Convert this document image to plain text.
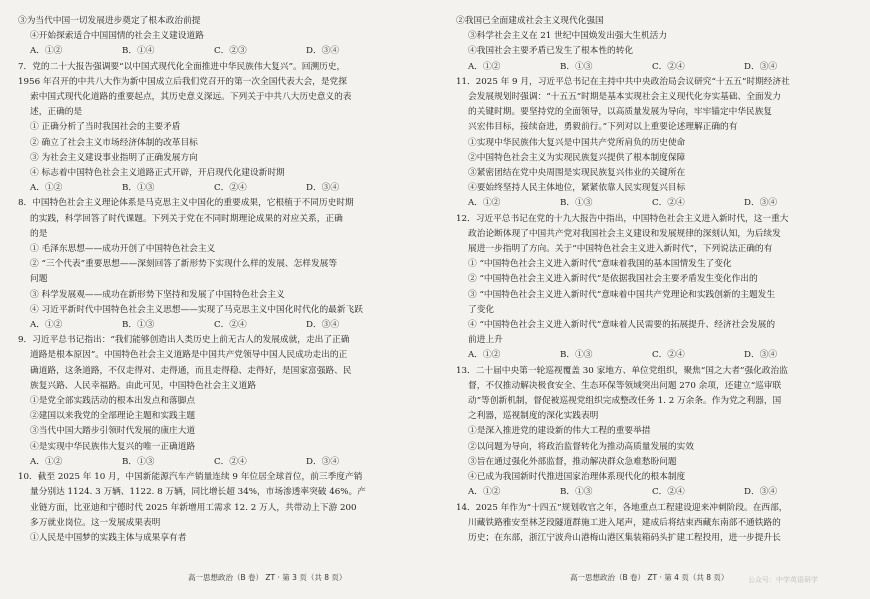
③为当代中国一切发展进步奠定了根本政治前提
④开始探索适合中国国情的社会主义建设道路
A．①②	B．①④	C．②③	D．③④
7．党的二十大报告强调要“以中国式现代化全面推进中华民族伟大复兴”。回溯历史，
1956 年召开的中共八大作为新中国成立后我们党召开的第一次全国代表大会，是党探
索中国式现代化道路的重要起点，其历史意义深远。下列关于中共八大历史意义的表
述，正确的是
① 正确分析了当时我国社会的主要矛盾
② 确立了社会主义市场经济体制的改革目标
③ 为社会主义建设事业指明了正确发展方向
④ 标志着中国特色社会主义道路正式开辟，开启现代化建设新时期
A．①②	B．①③	C．②④	D．③④
8．中国特色社会主义理论体系是马克思主义中国化的重要成果，它根植于不同历史时期
的实践，科学回答了时代课题。下列关于党在不同时期理论成果的对应关系，正确
的是
① 毛泽东思想——成功开创了中国特色社会主义
② “三个代表”重要思想——深刻回答了新形势下实现什么样的发展、怎样发展等
问题
③ 科学发展观——成功在新形势下坚持和发展了中国特色社会主义
④ 习近平新时代中国特色社会主义思想——实现了马克思主义中国化时代化的最新飞跃
A．①②	B．①③	C．②④	D．③④
9．习近平总书记指出：“我们能够创造出人类历史上前无古人的发展成就，走出了正确
道路是根本原因”。中国特色社会主义道路是中国共产党领导中国人民成功走出的正
确道路，这条道路，不仅走得对、走得通，而且走得稳、走得好，是国家富强路、民
族复兴路、人民幸福路。由此可见，中国特色社会主义道路
①是党全部实践活动的根本出发点和落脚点
②建国以来我党的全部理论主题和实践主题
③当代中国大踏步引领时代发展的康庄大道
④是实现中华民族伟大复兴的唯一正确道路
A．①②	B．①③	C．②④	D．③④
10．截至 2025 年 10 月，中国新能源汽车产销量连续 9 年位居全球首位，前三季度产销
量分别达 1124. 3 万辆、1122. 8 万辆，同比增长超 34%，市场渗透率突破 46%。产
业链方面，比亚迪和宁德时代 2025 年新增用工需求 12. 2 万人，共带动上下游 200
多万就业岗位。这一发展成果表明
①人民是中国梦的实践主体与成果享有者
②我国已全面建成社会主义现代化强国
③科学社会主义在 21 世纪中国焕发出强大生机活力
④我国社会主要矛盾已发生了根本性的转化
A．①②	B．①③	C．②④	D．③④
11．2025 年 9 月，习近平总书记在主持中共中央政治局会议研究“十五五”时期经济社
会发展规划时强调：“十五五”时期是基本实现社会主义现代化夯实基础、全面发力
的关键时期。要坚持党的全面领导，以高质量发展为导向，牢牢锚定中华民族复
兴宏伟目标，接续奋进，勇毅前行。”下列对以上重要论述理解正确的有
①实现中华民族伟大复兴是中国共产党所肩负的历史使命
②中国特色社会主义为实现民族复兴提供了根本制度保障
③紧密团结在党中央周围是实现民族复兴伟业的关键所在
④要始终坚持人民主体地位，紧紧依靠人民实现复兴目标
A．①②	B．①③	C．②④	D．③④
12．习近平总书记在党的十九大报告中指出，中国特色社会主义进入新时代，这一重大
政治论断体现了中国共产党对我国社会主义建设和发展规律的深刻认知，为后续发
展进一步指明了方向。关于“中国特色社会主义进入新时代”，下列说法正确的有
① “中国特色社会主义进入新时代”意味着我国的基本国情发生了变化
② “中国特色社会主义进入新时代”是依据我国社会主要矛盾发生变化作出的
③ “中国特色社会主义进入新时代”意味着中国共产党理论和实践创新的主题发生
了变化
④ “中国特色社会主义进入新时代”意味着人民需要的拓展提升、经济社会发展的
前进上升
A．①②	B．①③	C．②④	D．③④
13．二十届中央第一轮巡视覆盖 30 家地方、单位党组织，聚焦“国之大者”强化政治监
督，不仅推动解决极食安全、生态环保等领域突出问题 270 余项，还建立“巡审联
动”等创新机制，督促被巡视党组织完成整改任务 1. 2 万余条。作为党之利器，国
之利器，巡视制度的深化实践表明
①是深入推进党的建设新的伟大工程的重要举措
②以问题为导向，将政治监督转化为推动高质量发展的实效
③旨在通过强化外部监督，推动解决群众急难愁盼问题
④已成为我国新时代推进国家治理体系现代化的根本制度
A．①②	B．①③	C．②④	D．③④
14．2025 年作为“十四五”规划收官之年，各地重点工程建设迎来冲刺阶段。在西部，
川藏铁路雅安至林芝段隧道群施工进入尾声，建成后将结束西藏东南部不通铁路的
历史；在东部，浙江宁波舟山港梅山港区集装箱码头扩建工程投用，进一步提升长
高一思想政治（B 卷） ZT · 第 3 页（共 8 页）	高一思想政治（B 卷） ZT · 第 4 页（共 8 页）	公众号：中学英语研学
